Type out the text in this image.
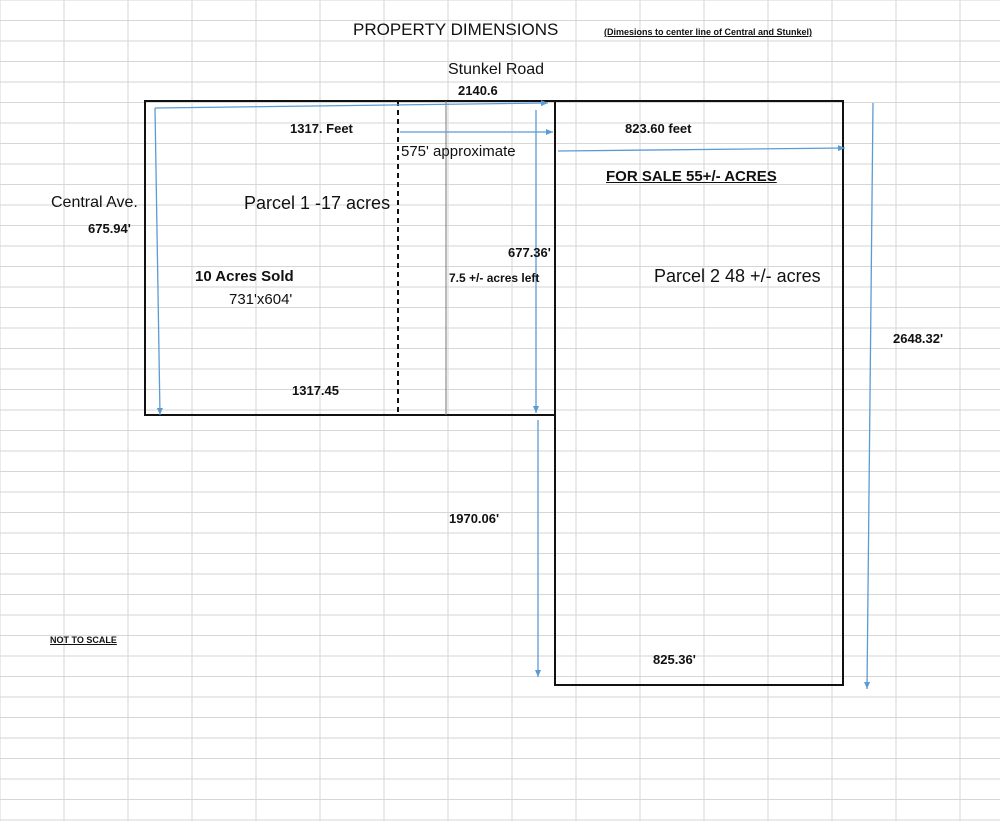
PROPERTY DIMENSIONS	(Dimesions to center line of Central and Stunkel)
Stunkel Road
2140.6
1317. Feet	823.60 feet
575' approximate
FOR SALE 55+/- ACRES
Central Ave.	Parcel 1 -17 acres
675.94'
677.36'
10 Acres Sold	7.5 +/- acres left	Parcel 2 48 +/- acres
731'x604'
2648.32'
1317.45
1970.06'
NOT TO SCALE
825.36'
